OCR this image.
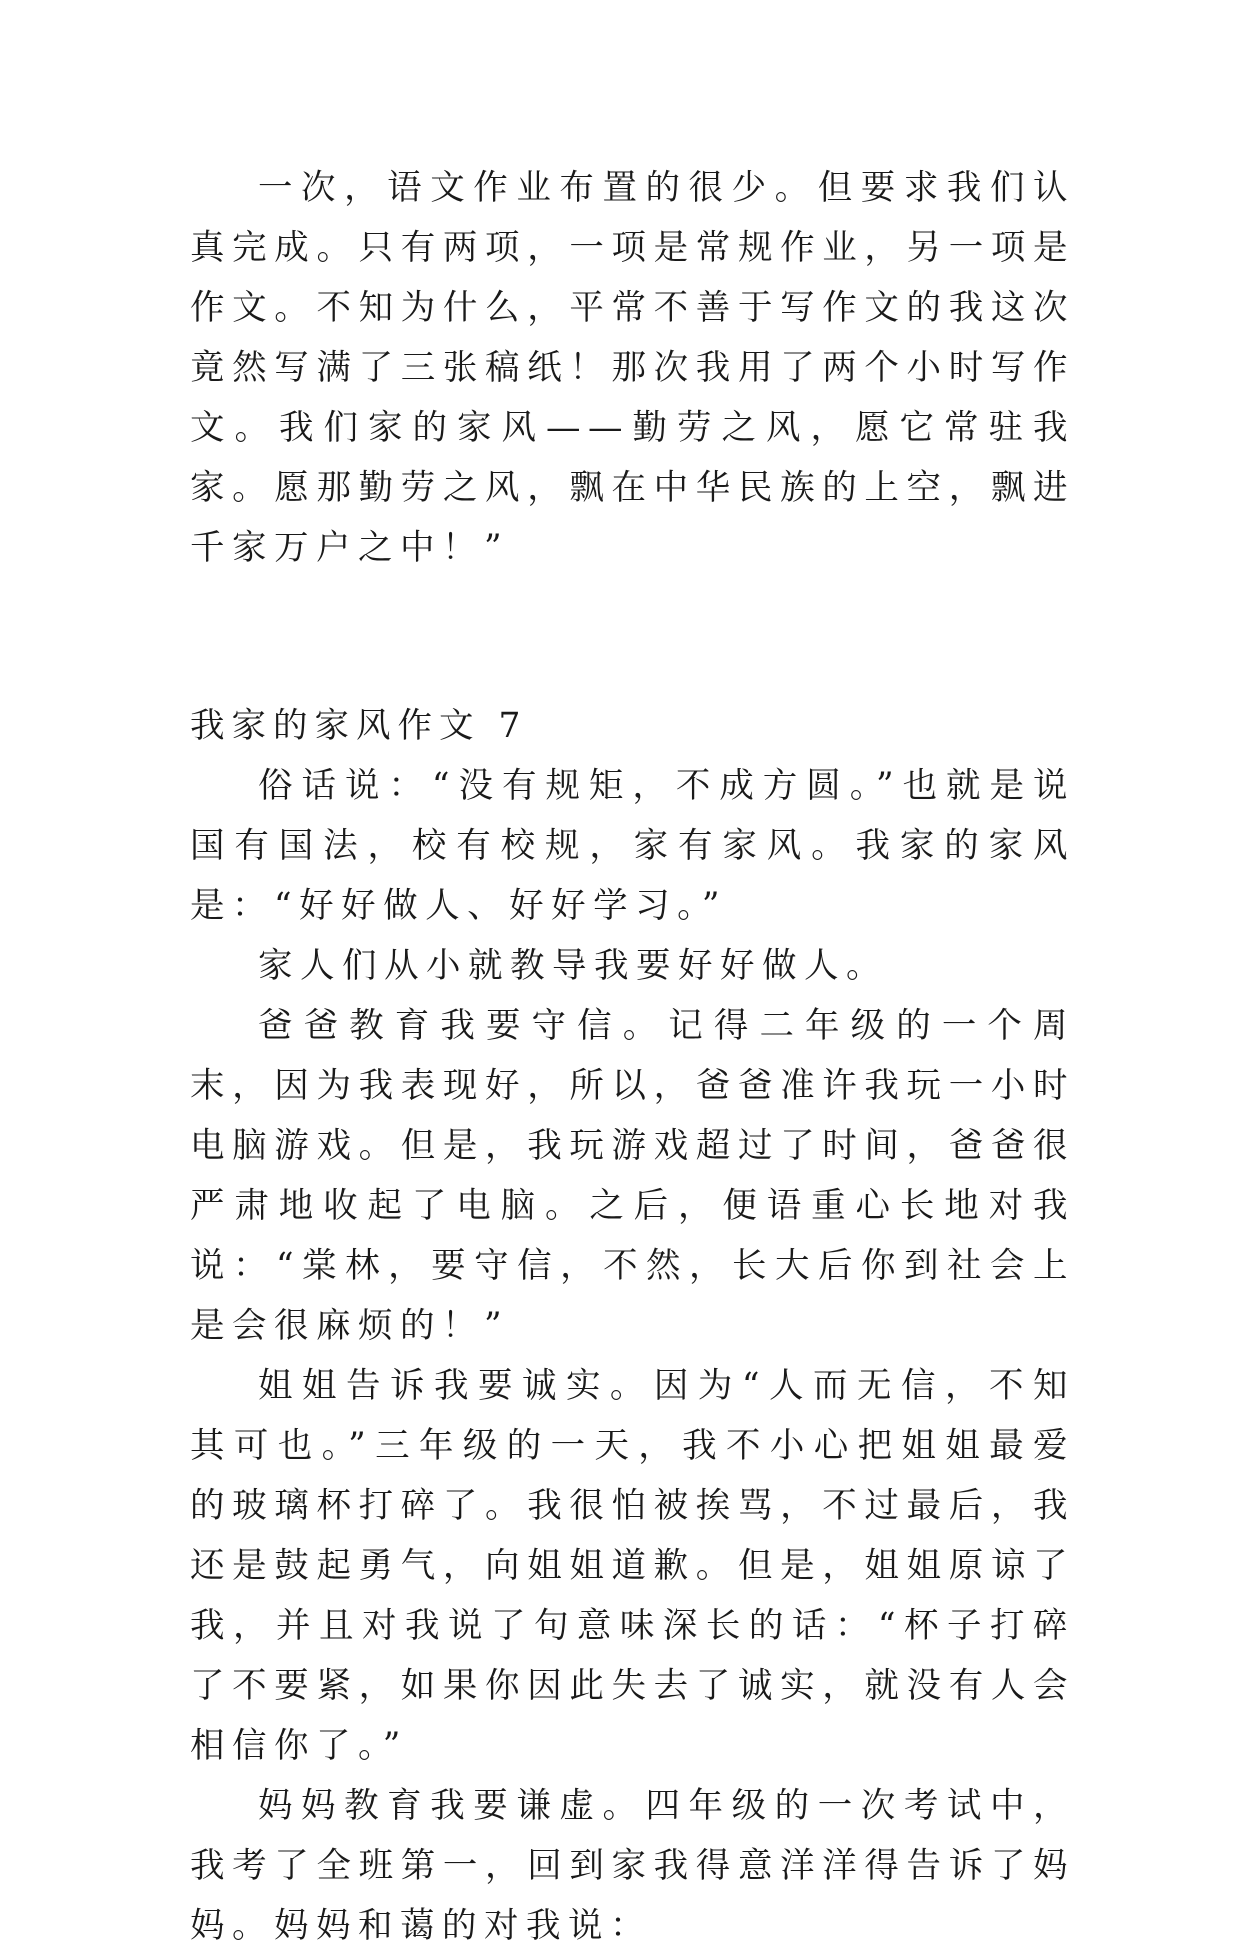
一次，语文作业布置的很少。但要求我们认真完成。只有两项，一项是常规作业，另一项是作文。不知为什么，平常不善于写作文的我这次竟然写满了三张稿纸！那次我用了两个小时写作文。我们家的家风——勤劳之风，愿它常驻我家。愿那勤劳之风，飘在中华民族的上空，飘进千家万户之中！”

我家的家风作文 7

俗话说：“没有规矩，不成方圆。”也就是说国有国法，校有校规，家有家风。我家的家风是：“好好做人、好好学习。”

家人们从小就教导我要好好做人。

爸爸教育我要守信。记得二年级的一个周末，因为我表现好，所以，爸爸准许我玩一小时电脑游戏。但是，我玩游戏超过了时间，爸爸很严肃地收起了电脑。之后，便语重心长地对我说：“棠林，要守信，不然，长大后你到社会上是会很麻烦的！”

姐姐告诉我要诚实。因为“人而无信，不知其可也。”三年级的一天，我不小心把姐姐最爱的玻璃杯打碎了。我很怕被挨骂，不过最后，我还是鼓起勇气，向姐姐道歉。但是，姐姐原谅了我，并且对我说了句意味深长的话：“杯子打碎了不要紧，如果你因此失去了诚实，就没有人会相信你了。”

妈妈教育我要谦虚。四年级的一次考试中，我考了全班第一，回到家我得意洋洋得告诉了妈妈。妈妈和蔼的对我说：
